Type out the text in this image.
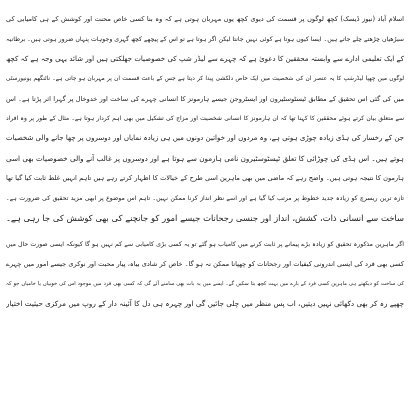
اسلام آباد (نیوز ڈیسک) کچھ لوگوں پر قسمت کی دیوی کچھ یوں مہربان ہوتی ہے کہ وہ بنا کسی خاص محنت اور کوشش کے ہی کامیابی کی
سیڑھیاں چڑھتے چلے جاتے ہیں۔ ایسا کیوں ہوتا ہے کوئی نہیں جانتا لیکن اگر ہوتا ہے تو اس کے پیچھے کچھ گہری وجوہات پنہاں ضرور ہوتی ہیں۔ برطانیہ
کے ایک تعلیمی ادارے سے وابستہ محققین کا دعویٰ ہے کہ چہرے سے لیڈر شپ کی خصوصیات جھلکتی ہیں اور شائد یہی وجہ ہے کہ کچھ
لوگوں میں چھپا لیڈرشپ کا یہ عنصر ان کی شخصیت میں ایک خاص دلکشی پیدا کر دیتا ہے جس کے باعث قسمت ان پر مہربان ہو جاتی ہے۔ ناٹنگھم یونیورسٹی
میں کی گئی اس تحقیق کے مطابق ٹیسٹوسٹیرون اور ایسٹروجن جیسے ہارمونز کا انسانی چہرے کی ساخت اور خدوخال پر گہرا اثر پڑتا ہے۔ اس
سے متعلق بیان کرتے ہوئے محققین کا کہنا تھا کہ ان ہارمونز کا انسانی شخصیت اور مزاج کی تشکیل میں بھی اہم کردار ہوتا ہے۔ مثال کے طور پر وہ افراد
جن کے رخسار کی ہڈی زیادہ چوڑی ہوتی ہے، وہ مردوں اور خواتین دونوں میں ہی زیادہ نمایاں اور دوسروں پر چھا جانے والی شخصیات
ہوتے ہیں۔ اس ہڈی کی چوڑائی کا تعلق ٹیسٹوسٹیرون نامی ہارمون سے ہوتا ہے اور دوسروں پر غالب آنے والی خصوصیات بھی اسی
ہارمون کا نتیجہ ہوتی ہیں۔ واضح رہے کہ ماضی میں بھی ماہرین اسی طرح کے خیالات کا اظہار کرتے رہے ہیں تاہم انہیں غلط ثابت کیا گیا تھا
تازہ ترین ریسرچ کو زیادہ جدید خطوط پر مرتب کیا گیا ہے اور اسے نظر انداز کرنا ممکن نہیں۔ تاہم اس موضوع پر ابھی مزید تحقیق کی ضرورت ہے۔
ساخت سے انسانی ذات، کشش، انداز اور جنسی رجحانات جیسے امور کو جانچنے کی بھی کوشش کی جا رہی ہے۔
اگر ماہرین مذکورہ تحقیق کو زیادہ بڑے پیمانے پر ثابت کرنے میں کامیاب ہو گئے تو یہ کسی بڑی کامیابی سے کم نہیں ہو گا کیونکہ ایسی صورت حال میں
کسی بھی فرد کی ایسی اندرونی کیفیات اور رجحانات کو چھپانا ممکن نہ ہو گا۔ خاص کر شادی بیاہ، پیار محبت اور نوکری جیسے امور میں چہرے
کی ساخت کو دیکھتے ہی ماہرین کسی فرد کے بارے میں بہت کچھ بتا سکیں گے۔ ایسے میں یہ بات بھی سامنے آئے گی کہ کسی بھی فرد میں موجود اس کی خوبیاں یا خامیاں جو کہ
چھپے رہ کر بھی دکھائی نہیں دیتیں، اب پس منظر میں چلی جائیں گی اور چہرہ ہی دل کا آئینہ دار کے روپ میں مرکزی حیثیت اختیار
